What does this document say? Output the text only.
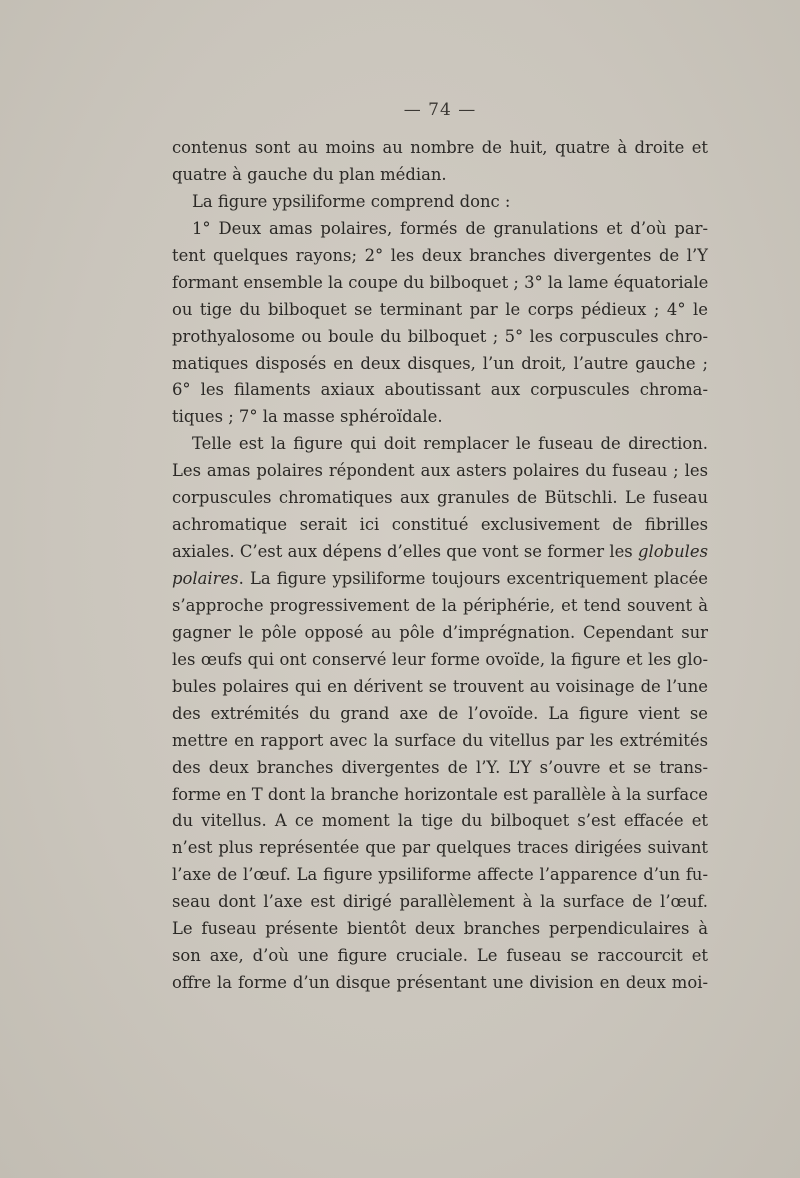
— 74 —
contenus sont au moins au nombre de huit, quatre à droite et
quatre à gauche du plan médian.
La figure ypsiliforme comprend donc :
1° Deux amas polaires, formés de granulations et d’où par-
tent quelques rayons; 2° les deux branches divergentes de l’Y
formant ensemble la coupe du bilboquet ; 3° la lame équatoriale
ou tige du bilboquet se terminant par le corps pédieux ; 4° le
prothyalosome ou boule du bilboquet ; 5° les corpuscules chro-
matiques disposés en deux disques, l’un droit, l’autre gauche ;
6° les filaments axiaux aboutissant aux corpuscules chroma-
tiques ; 7° la masse sphéroïdale.
Telle est la figure qui doit remplacer le fuseau de direction.
Les amas polaires répondent aux asters polaires du fuseau ; les
corpuscules chromatiques aux granules de Bütschli. Le fuseau
achromatique serait ici constitué exclusivement de fibrilles
axiales. C’est aux dépens d’elles que vont se former les globules
polaires. La figure ypsiliforme toujours excentriquement placée
s’approche progressivement de la périphérie, et tend souvent à
gagner le pôle opposé au pôle d’imprégnation. Cependant sur
les œufs qui ont conservé leur forme ovoïde, la figure et les glo-
bules polaires qui en dérivent se trouvent au voisinage de l’une
des extrémités du grand axe de l’ovoïde. La figure vient se
mettre en rapport avec la surface du vitellus par les extrémités
des deux branches divergentes de l’Y. L’Y s’ouvre et se trans-
forme en T dont la branche horizontale est parallèle à la surface
du vitellus. A ce moment la tige du bilboquet s’est effacée et
n’est plus représentée que par quelques traces dirigées suivant
l’axe de l’œuf. La figure ypsiliforme affecte l’apparence d’un fu-
seau dont l’axe est dirigé parallèlement à la surface de l’œuf.
Le fuseau présente bientôt deux branches perpendiculaires à
son axe, d’où une figure cruciale. Le fuseau se raccourcit et
offre la forme d’un disque présentant une division en deux moi-
